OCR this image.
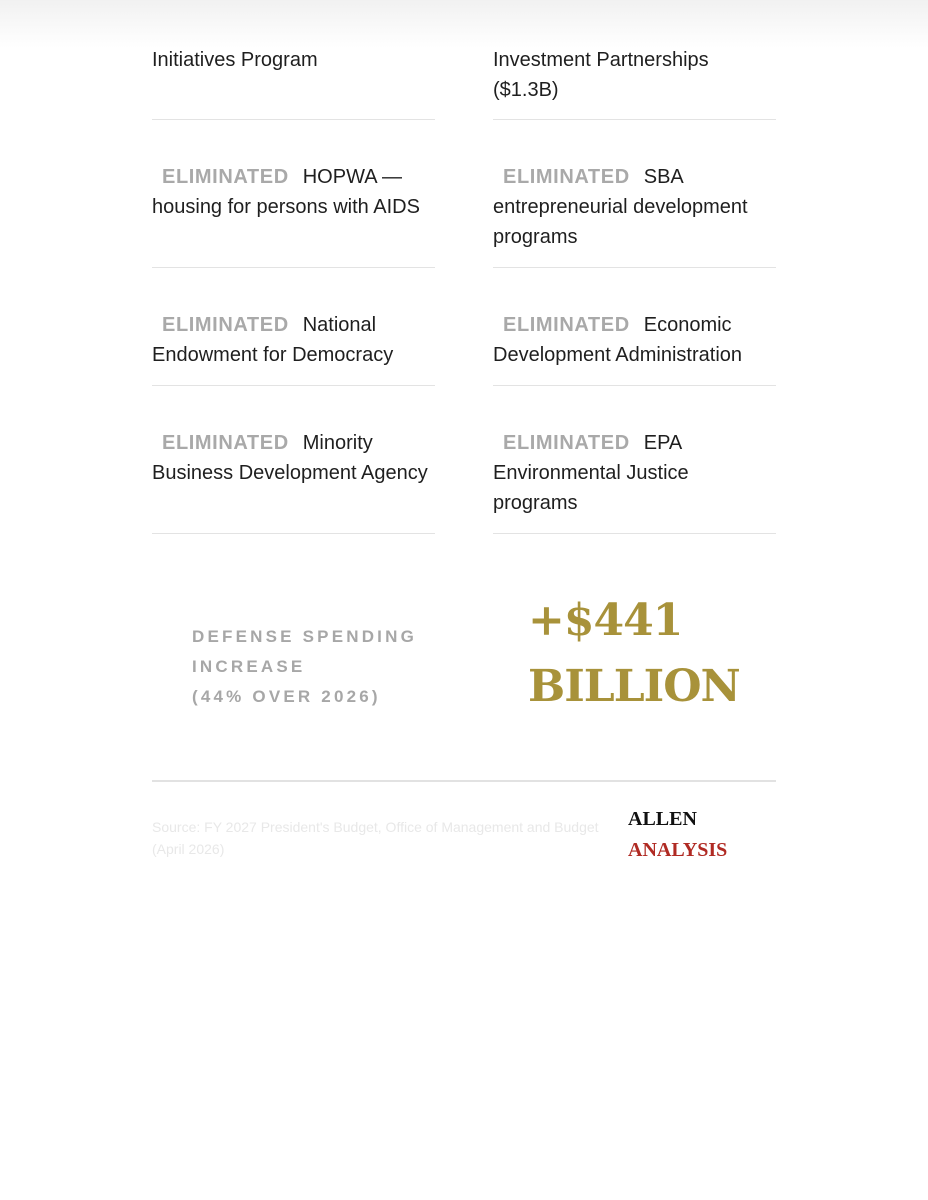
Initiatives Program	Investment Partnerships ($1.3B)
ELIMINATED HOPWA — housing for persons with AIDS
ELIMINATED SBA entrepreneurial development programs
ELIMINATED National Endowment for Democracy
ELIMINATED Economic Development Administration
ELIMINATED Minority Business Development Agency
ELIMINATED EPA Environmental Justice programs
DEFENSE SPENDING INCREASE
(44% OVER 2026)
+$441
BILLION
Source: FY 2027 President's Budget, Office of Management and Budget (April 2026)
ALLEN
ANALYSIS
